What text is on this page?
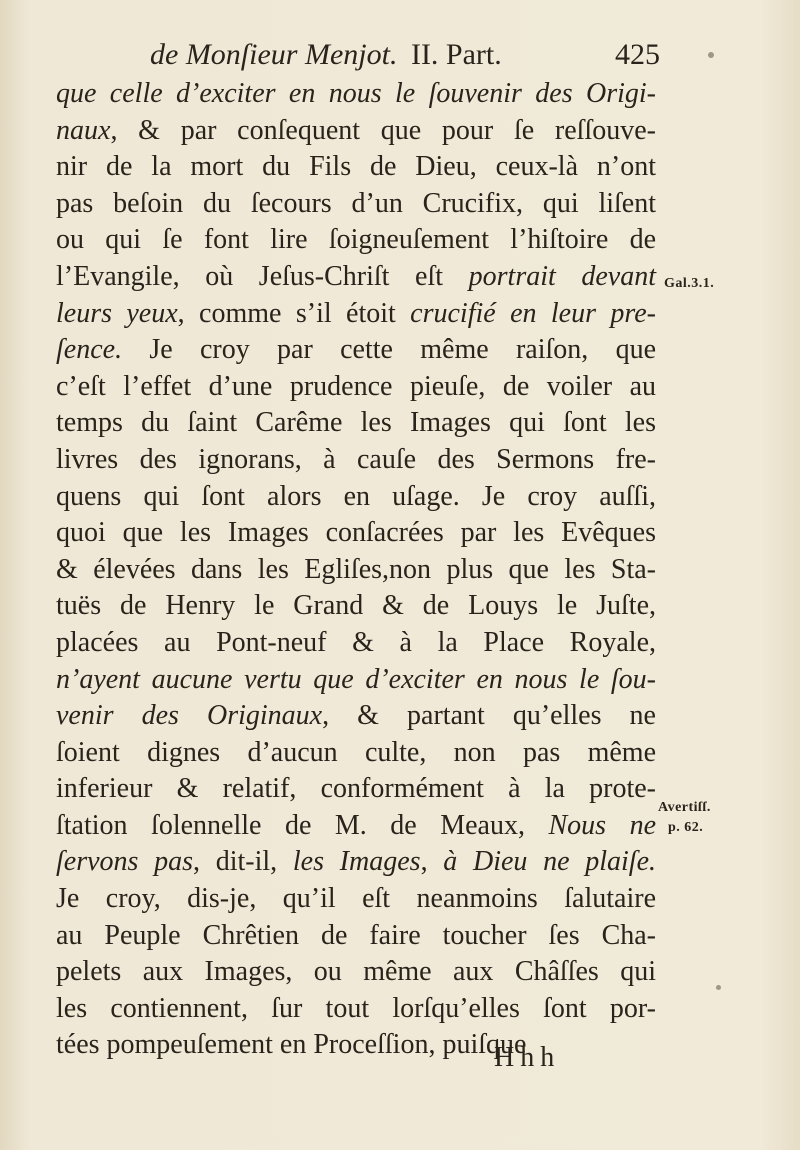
de Monſieur Menjot. II. Part.	425
que celle d’exciter en nous le ſouvenir des Origi-
naux, & par conſequent que pour ſe reſſouve-
nir de la mort du Fils de Dieu, ceux-là n’ont
pas beſoin du ſecours d’un Crucifix, qui liſent
ou qui ſe font lire ſoigneuſement l’hiſtoire de
l’Evangile, où Jeſus-Chriſt eſt portrait devant
leurs yeux, comme s’il étoit crucifié en leur pre-
ſence. Je croy par cette même raiſon, que
c’eſt l’effet d’une prudence pieuſe, de voiler au
temps du ſaint Carême les Images qui ſont les
livres des ignorans, à cauſe des Sermons fre-
quens qui ſont alors en uſage. Je croy auſſi,
quoi que les Images conſacrées par les Evêques
& élevées dans les Egliſes,non plus que les Sta-
tuës de Henry le Grand & de Louys le Juſte,
placées au Pont-neuf & à la Place Royale,
n’ayent aucune vertu que d’exciter en nous le ſou-
venir des Originaux, & partant qu’elles ne
ſoient dignes d’aucun culte, non pas même
inferieur & relatif, conformément à la prote-
ſtation ſolennelle de M. de Meaux, Nous ne
ſervons pas, dit-il, les Images, à Dieu ne plaiſe.
Je croy, dis-je, qu’il eſt neanmoins ſalutaire
au Peuple Chrêtien de faire toucher ſes Cha-
pelets aux Images, ou même aux Châſſes qui
les contiennent, ſur tout lorſqu’elles ſont por-
tées pompeuſement en Proceſſion, puiſque
Gal.3.1.
Avertiſſ.
p. 62.
Hhh
